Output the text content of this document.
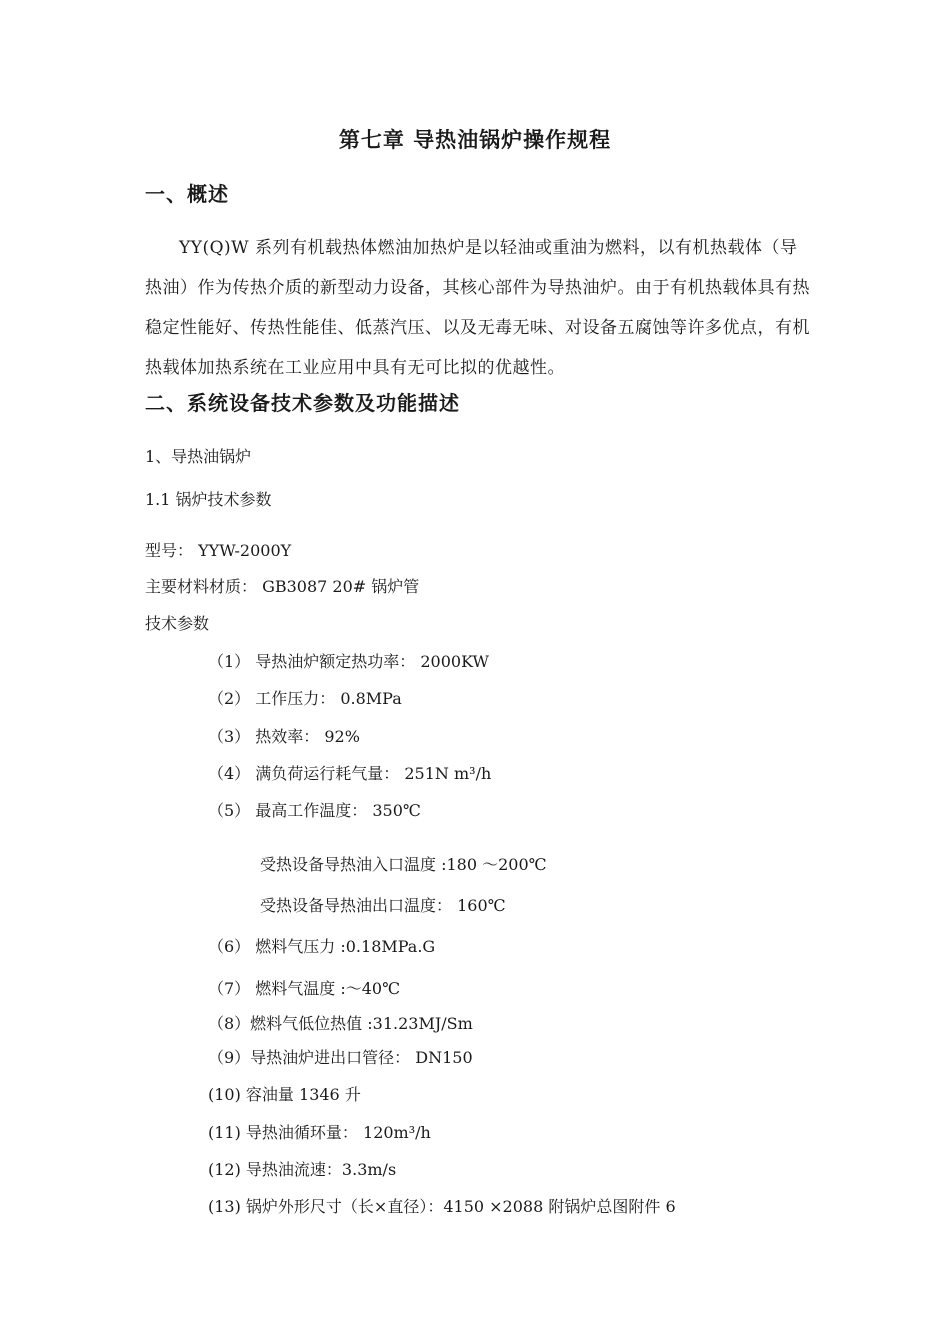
第七章 导热油锅炉操作规程
一、概述
YY(Q)W 系列有机载热体燃油加热炉是以轻油或重油为燃料，以有机热载体（导热油）作为传热介质的新型动力设备，其核心部件为导热油炉。由于有机热载体具有热稳定性能好、传热性能佳、低蒸汽压、以及无毒无味、对设备五腐蚀等许多优点，有机热载体加热系统在工业应用中具有无可比拟的优越性。
二、系统设备技术参数及功能描述
1、导热油锅炉
1.1 锅炉技术参数
型号： YYW-2000Y
主要材料材质： GB3087 20# 锅炉管
技术参数
（1） 导热油炉额定热功率： 2000KW
（2） 工作压力： 0.8MPa
（3） 热效率： 92%
（4） 满负荷运行耗气量： 251N m³/h
（5） 最高工作温度： 350℃
受热设备导热油入口温度 :180 ～200℃
受热设备导热油出口温度： 160℃
（6） 燃料气压力 :0.18MPa.G
（7） 燃料气温度 :～40℃
（8）燃料气低位热值 :31.23MJ/Sm
（9）导热油炉进出口管径： DN150
(10) 容油量 1346 升
(11) 导热油循环量： 120m³/h
(12) 导热油流速：3.3m/s
(13) 锅炉外形尺寸（长×直径）：4150 ×2088 附锅炉总图附件 6
